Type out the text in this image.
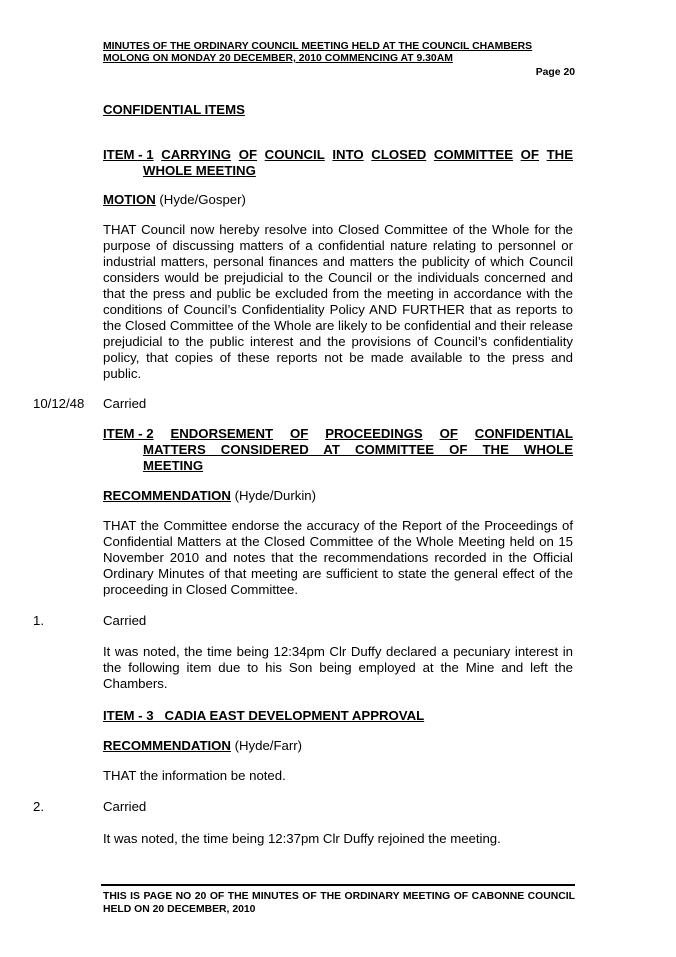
MINUTES OF THE ORDINARY COUNCIL MEETING HELD AT THE COUNCIL CHAMBERS
MOLONG ON MONDAY 20 DECEMBER, 2010 COMMENCING AT 9.30AM
Page 20
CONFIDENTIAL ITEMS
ITEM - 1 CARRYING OF COUNCIL INTO CLOSED COMMITTEE OF THE
WHOLE MEETING
MOTION (Hyde/Gosper)
THAT Council now hereby resolve into Closed Committee of the Whole for the purpose of discussing matters of a confidential nature relating to personnel or industrial matters, personal finances and matters the publicity of which Council considers would be prejudicial to the Council or the individuals concerned and that the press and public be excluded from the meeting in accordance with the conditions of Council’s Confidentiality Policy AND FURTHER that as reports to the Closed Committee of the Whole are likely to be confidential and their release prejudicial to the public interest and the provisions of Council’s confidentiality policy, that copies of these reports not be made available to the press and public.
10/12/48 Carried
ITEM - 2 ENDORSEMENT OF PROCEEDINGS OF CONFIDENTIAL
MATTERS CONSIDERED AT COMMITTEE OF THE WHOLE
MEETING
RECOMMENDATION (Hyde/Durkin)
THAT the Committee endorse the accuracy of the Report of the Proceedings of Confidential Matters at the Closed Committee of the Whole Meeting held on 15 November 2010 and notes that the recommendations recorded in the Official Ordinary Minutes of that meeting are sufficient to state the general effect of the proceeding in Closed Committee.
1.	Carried
It was noted, the time being 12:34pm Clr Duffy declared a pecuniary interest in the following item due to his Son being employed at the Mine and left the Chambers.
ITEM - 3   CADIA EAST DEVELOPMENT APPROVAL
RECOMMENDATION (Hyde/Farr)
THAT the information be noted.
2.	Carried
It was noted, the time being 12:37pm Clr Duffy rejoined the meeting.
THIS IS PAGE NO 20 OF THE MINUTES OF THE ORDINARY MEETING OF CABONNE COUNCIL HELD ON 20 DECEMBER, 2010
